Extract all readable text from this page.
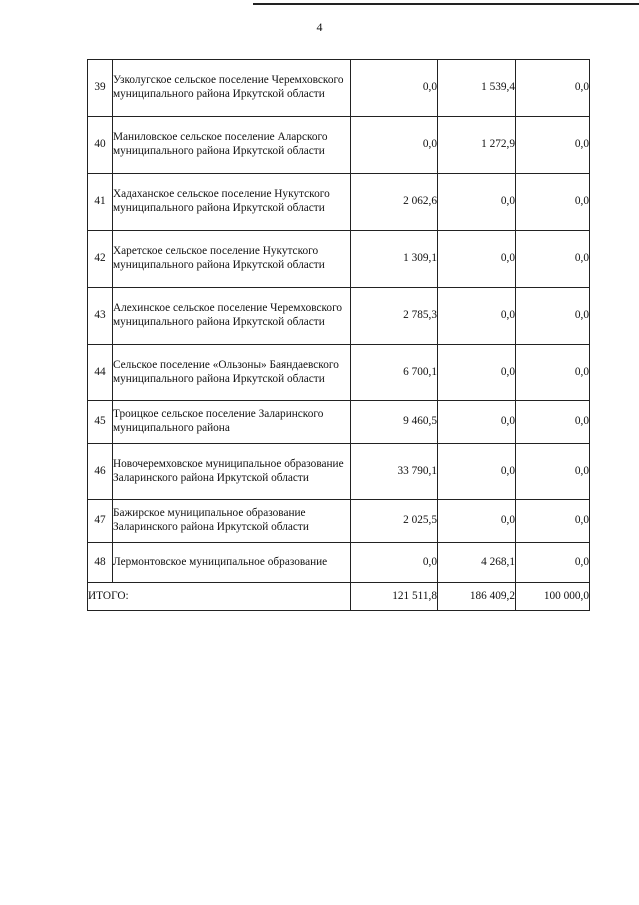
4
39	Узколугское сельское поселение Черемховского муниципального района Иркутской области	0,0	1 539,4	0,0
40	Маниловское сельское поселение Аларского муниципального района Иркутской области	0,0	1 272,9	0,0
41	Хадаханское сельское поселение Нукутского муниципального района Иркутской области	2 062,6	0,0	0,0
42	Харетское сельское поселение Нукутского муниципального района Иркутской области	1 309,1	0,0	0,0
43	Алехинское сельское поселение Черемховского муниципального района Иркутской области	2 785,3	0,0	0,0
44	Сельское поселение «Ользоны» Баяндаевского муниципального района Иркутской области	6 700,1	0,0	0,0
45	Троицкое сельское поселение Заларинского муниципального района	9 460,5	0,0	0,0
46	Новочеремховское муниципальное образование Заларинского района Иркутской области	33 790,1	0,0	0,0
47	Бажирское муниципальное образование Заларинского района Иркутской области	2 025,5	0,0	0,0
48	Лермонтовское муниципальное образование	0,0	4 268,1	0,0
ИТОГО:		121 511,8	186 409,2	100 000,0
